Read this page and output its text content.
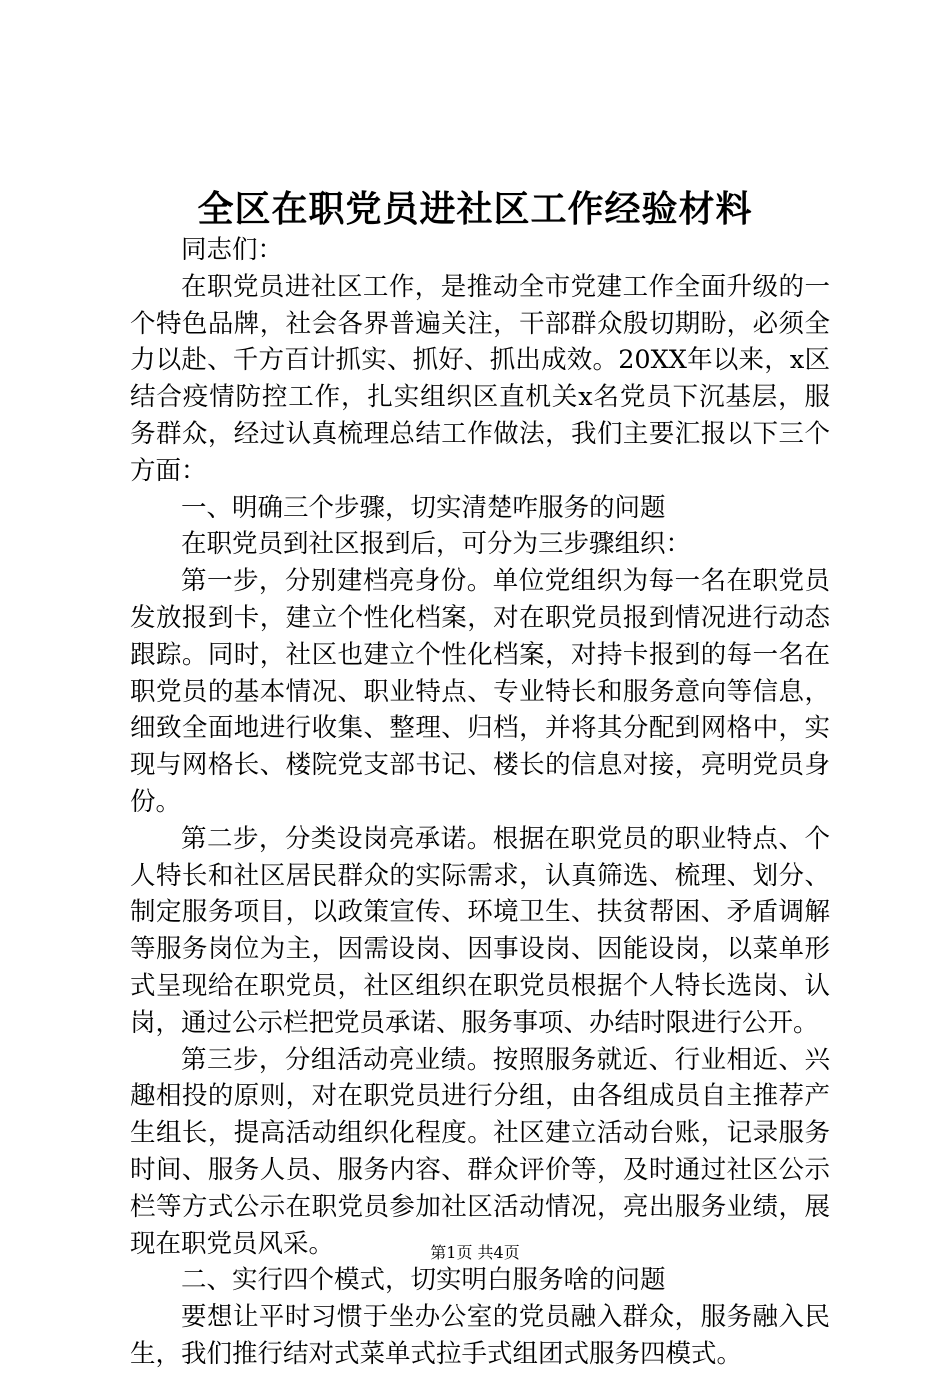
全区在职党员进社区工作经验材料

同志们：

在职党员进社区工作，是推动全市党建工作全面升级的一个特色品牌，社会各界普遍关注，干部群众殷切期盼，必须全力以赴、千方百计抓实、抓好、抓出成效。20XX年以来，x区结合疫情防控工作，扎实组织区直机关x名党员下沉基层，服务群众，经过认真梳理总结工作做法，我们主要汇报以下三个方面：

一、明确三个步骤，切实清楚咋服务的问题

在职党员到社区报到后，可分为三步骤组织：

第一步，分别建档亮身份。单位党组织为每一名在职党员发放报到卡，建立个性化档案，对在职党员报到情况进行动态跟踪。同时，社区也建立个性化档案，对持卡报到的每一名在职党员的基本情况、职业特点、专业特长和服务意向等信息，细致全面地进行收集、整理、归档，并将其分配到网格中，实现与网格长、楼院党支部书记、楼长的信息对接，亮明党员身份。

第二步，分类设岗亮承诺。根据在职党员的职业特点、个人特长和社区居民群众的实际需求，认真筛选、梳理、划分、制定服务项目，以政策宣传、环境卫生、扶贫帮困、矛盾调解等服务岗位为主，因需设岗、因事设岗、因能设岗，以菜单形式呈现给在职党员，社区组织在职党员根据个人特长选岗、认岗，通过公示栏把党员承诺、服务事项、办结时限进行公开。

第三步，分组活动亮业绩。按照服务就近、行业相近、兴趣相投的原则，对在职党员进行分组，由各组成员自主推荐产生组长，提高活动组织化程度。社区建立活动台账，记录服务时间、服务人员、服务内容、群众评价等，及时通过社区公示栏等方式公示在职党员参加社区活动情况，亮出服务业绩，展现在职党员风采。

二、实行四个模式，切实明白服务啥的问题

要想让平时习惯于坐办公室的党员融入群众，服务融入民生，我们推行结对式菜单式拉手式组团式服务四模式。

第1页 共4页
